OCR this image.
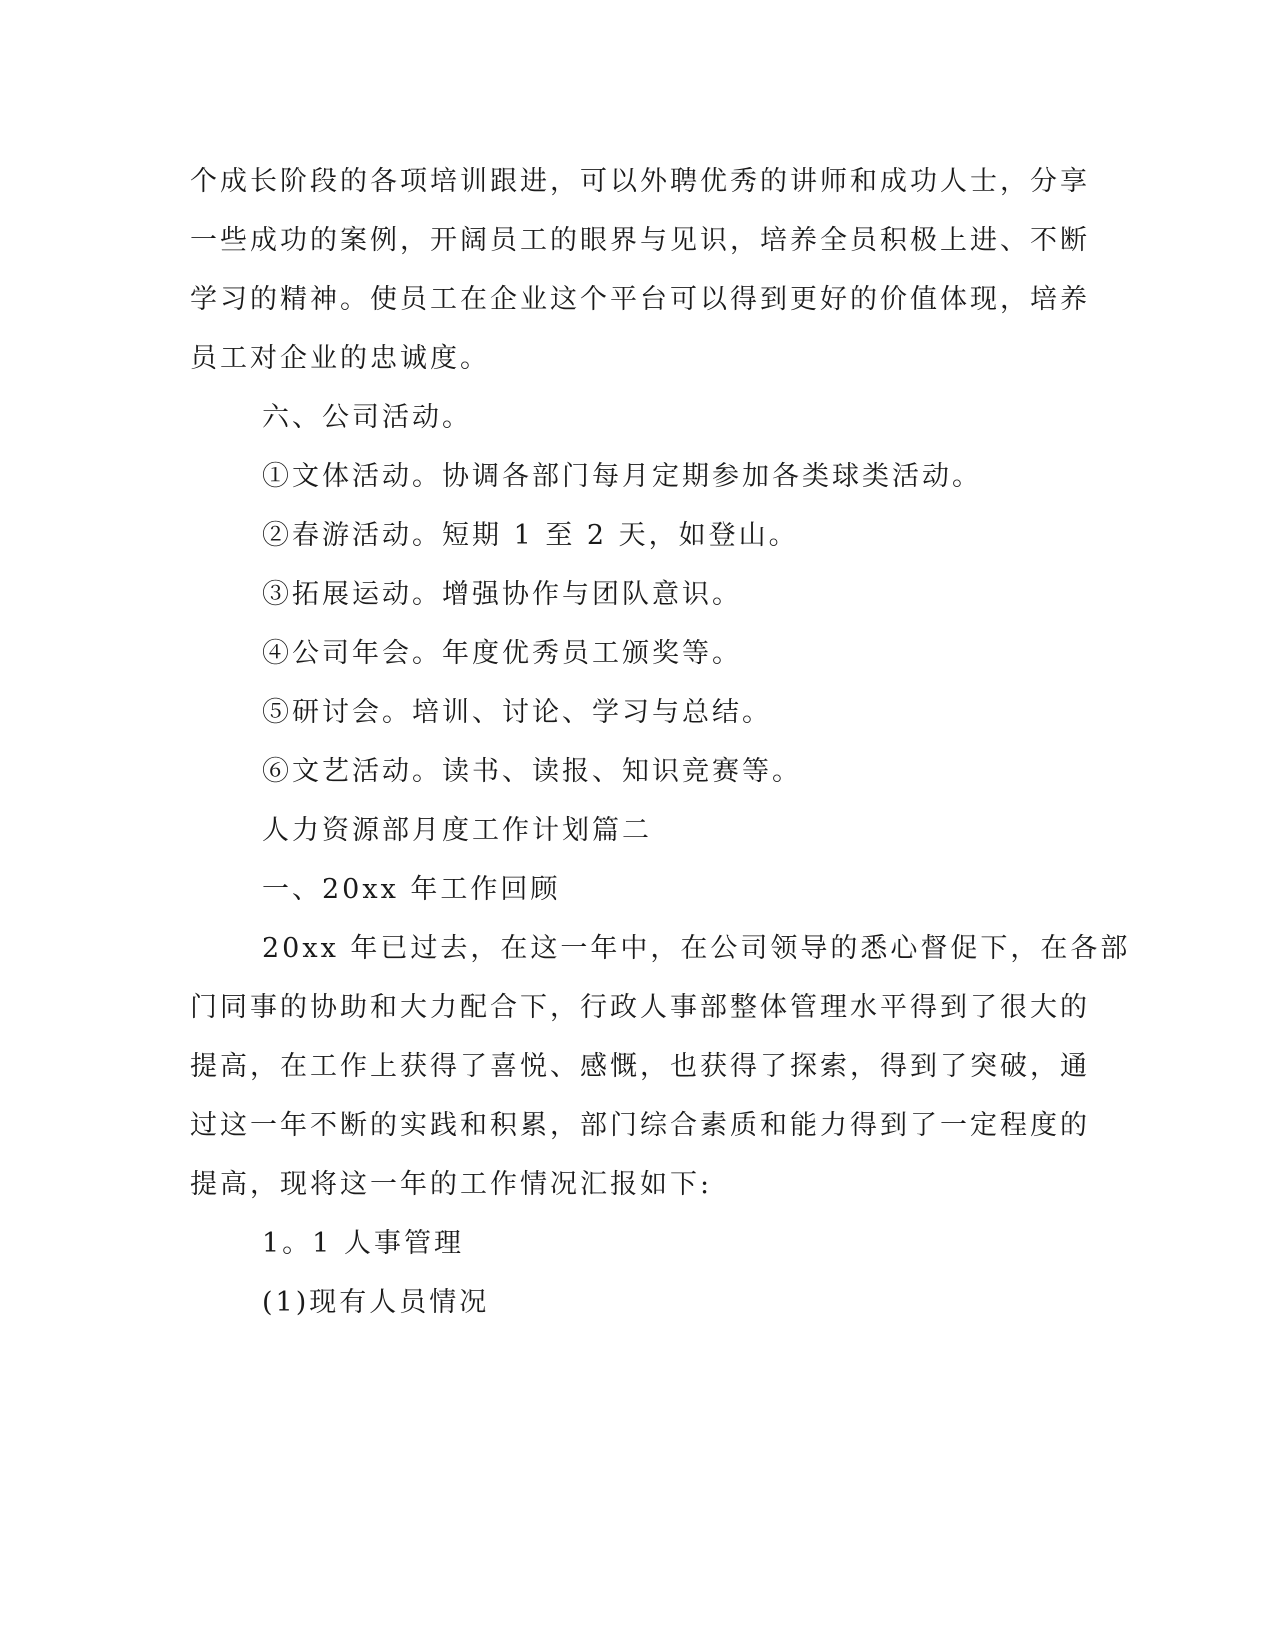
个成长阶段的各项培训跟进，可以外聘优秀的讲师和成功人士，分享
一些成功的案例，开阔员工的眼界与见识，培养全员积极上进、不断
学习的精神。使员工在企业这个平台可以得到更好的价值体现，培养
员工对企业的忠诚度。
六、公司活动。
①文体活动。协调各部门每月定期参加各类球类活动。
②春游活动。短期 1 至 2 天，如登山。
③拓展运动。增强协作与团队意识。
④公司年会。年度优秀员工颁奖等。
⑤研讨会。培训、讨论、学习与总结。
⑥文艺活动。读书、读报、知识竞赛等。
人力资源部月度工作计划篇二
一、20xx 年工作回顾
20xx 年已过去，在这一年中，在公司领导的悉心督促下，在各部
门同事的协助和大力配合下，行政人事部整体管理水平得到了很大的
提高，在工作上获得了喜悦、感慨，也获得了探索，得到了突破，通
过这一年不断的实践和积累，部门综合素质和能力得到了一定程度的
提高，现将这一年的工作情况汇报如下:
1。1 人事管理
(1)现有人员情况
